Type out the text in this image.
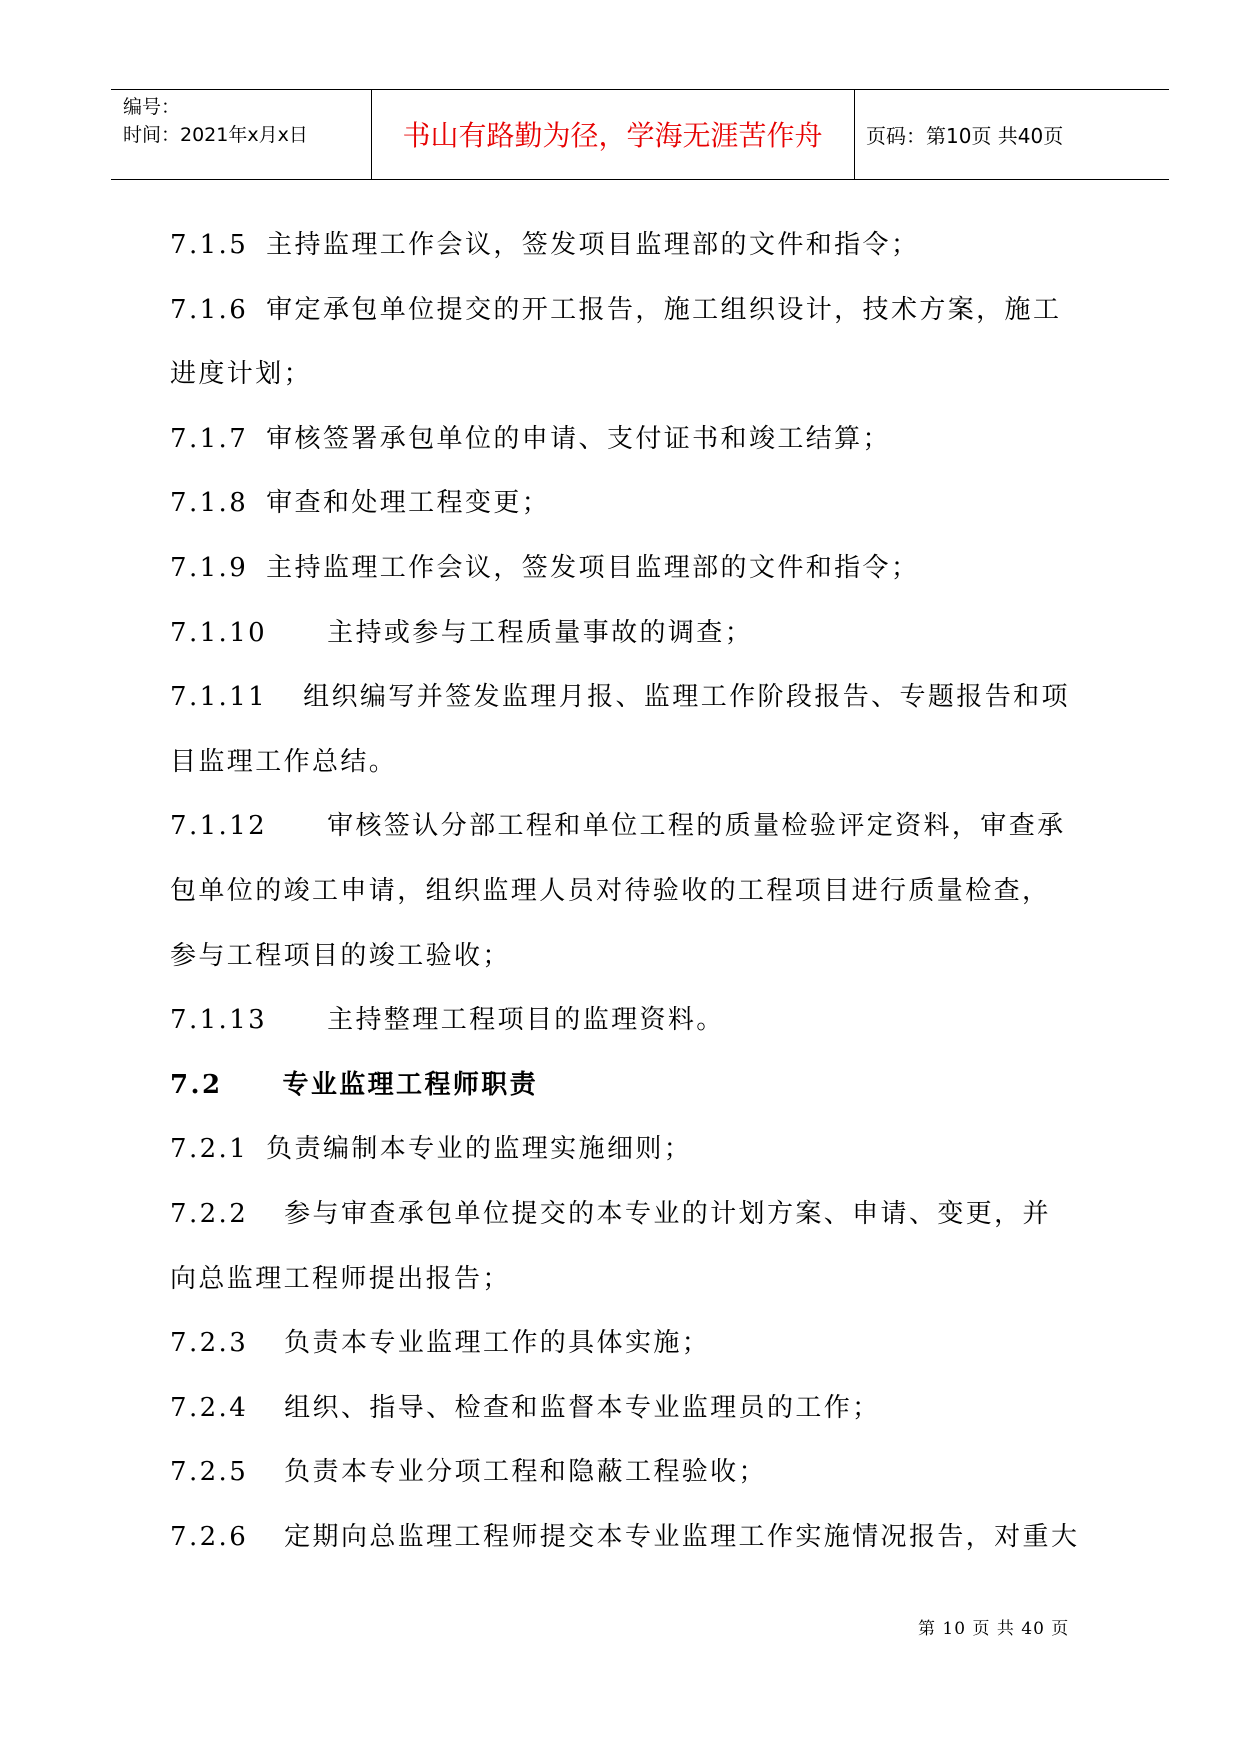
编号：
时间：2021年x月x日	书山有路勤为径，学海无涯苦作舟	页码：第10页 共40页
7.1.5 主持监理工作会议，签发项目监理部的文件和指令；
7.1.6 审定承包单位提交的开工报告，施工组织设计，技术方案，施工
进度计划；
7.1.7 审核签署承包单位的申请、支付证书和竣工结算；
7.1.8 审查和处理工程变更；
7.1.9 主持监理工作会议，签发项目监理部的文件和指令；
7.1.10 主持或参与工程质量事故的调查；
7.1.11 组织编写并签发监理月报、监理工作阶段报告、专题报告和项
目监理工作总结。
7.1.12 审核签认分部工程和单位工程的质量检验评定资料，审查承
包单位的竣工申请，组织监理人员对待验收的工程项目进行质量检查，
参与工程项目的竣工验收；
7.1.13 主持整理工程项目的监理资料。
7.2 专业监理工程师职责
7.2.1 负责编制本专业的监理实施细则；
7.2.2 参与审查承包单位提交的本专业的计划方案、申请、变更，并
向总监理工程师提出报告；
7.2.3 负责本专业监理工作的具体实施；
7.2.4 组织、指导、检查和监督本专业监理员的工作；
7.2.5 负责本专业分项工程和隐蔽工程验收；
7.2.6 定期向总监理工程师提交本专业监理工作实施情况报告，对重大
第 10 页 共 40 页
